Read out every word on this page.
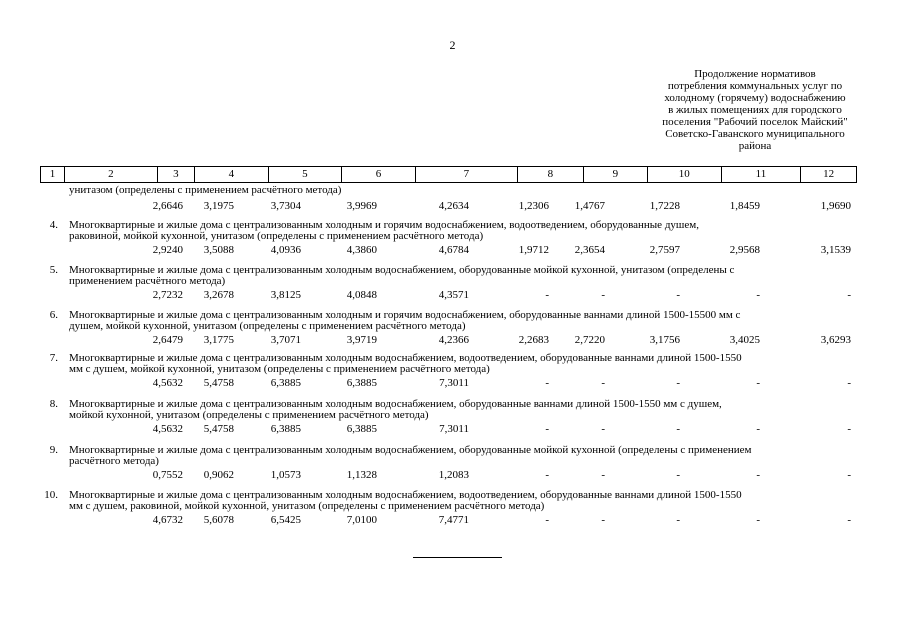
2
Продолжение нормативов
потребления коммунальных услуг по
холодному (горячему) водоснабжению
в жилых помещениях для городского
поселения "Рабочий поселок Майский"
Советско-Гаванского муниципального
района
1	2	3	4	5	6	7	8	9	10	11	12
унитазом (определены с применением расчётного метода)
2,6646 3,1975	3,7304	3,9969	4,2634	1,2306 1,4767	1,7228	1,8459	1,9690
4. Многоквартирные и жилые дома с централизованным холодным и горячим водоснабжением, водоотведением, оборудованные душем,
раковиной, мойкой кухонной, унитазом (определены с применением расчётного метода)
2,9240 3,5088	4,0936	4,3860	4,6784	1,9712 2,3654	2,7597	2,9568	3,1539
5. Многоквартирные и жилые дома с централизованным холодным водоснабжением, оборудованные мойкой кухонной, унитазом (определены с
применением расчётного метода)
2,7232 3,2678	3,8125	4,0848	4,3571	-	-	-	-	-
6. Многоквартирные и жилые дома с централизованным холодным и горячим водоснабжением, оборудованные ваннами длиной 1500-15500 мм с
душем, мойкой кухонной, унитазом (определены с применением расчётного метода)
2,6479 3,1775	3,7071	3,9719	4,2366	2,2683 2,7220	3,1756	3,4025	3,6293
7. Многоквартирные и жилые дома с централизованным холодным водоснабжением, водоотведением, оборудованные ваннами длиной 1500-1550
мм с душем, мойкой кухонной, унитазом (определены с применением расчётного метода)
4,5632 5,4758	6,3885	6,3885	7,3011	-	-	-	-	-
8. Многоквартирные и жилые дома с централизованным холодным водоснабжением, оборудованные ваннами длиной 1500-1550 мм с душем,
мойкой кухонной, унитазом (определены с применением расчётного метода)
4,5632 5,4758	6,3885	6,3885	7,3011	-	-	-	-	-
9. Многоквартирные и жилые дома с централизованным холодным водоснабжением, оборудованные мойкой кухонной (определены с применением
расчётного метода)
0,7552 0,9062	1,0573	1,1328	1,2083	-	-	-	-	-
10. Многоквартирные и жилые дома с централизованным холодным водоснабжением, водоотведением, оборудованные ваннами длиной 1500-1550
мм с душем, раковиной, мойкой кухонной, унитазом (определены с применением расчётного метода)
4,6732 5,6078	6,5425	7,0100	7,4771	-	-	-	-	-
